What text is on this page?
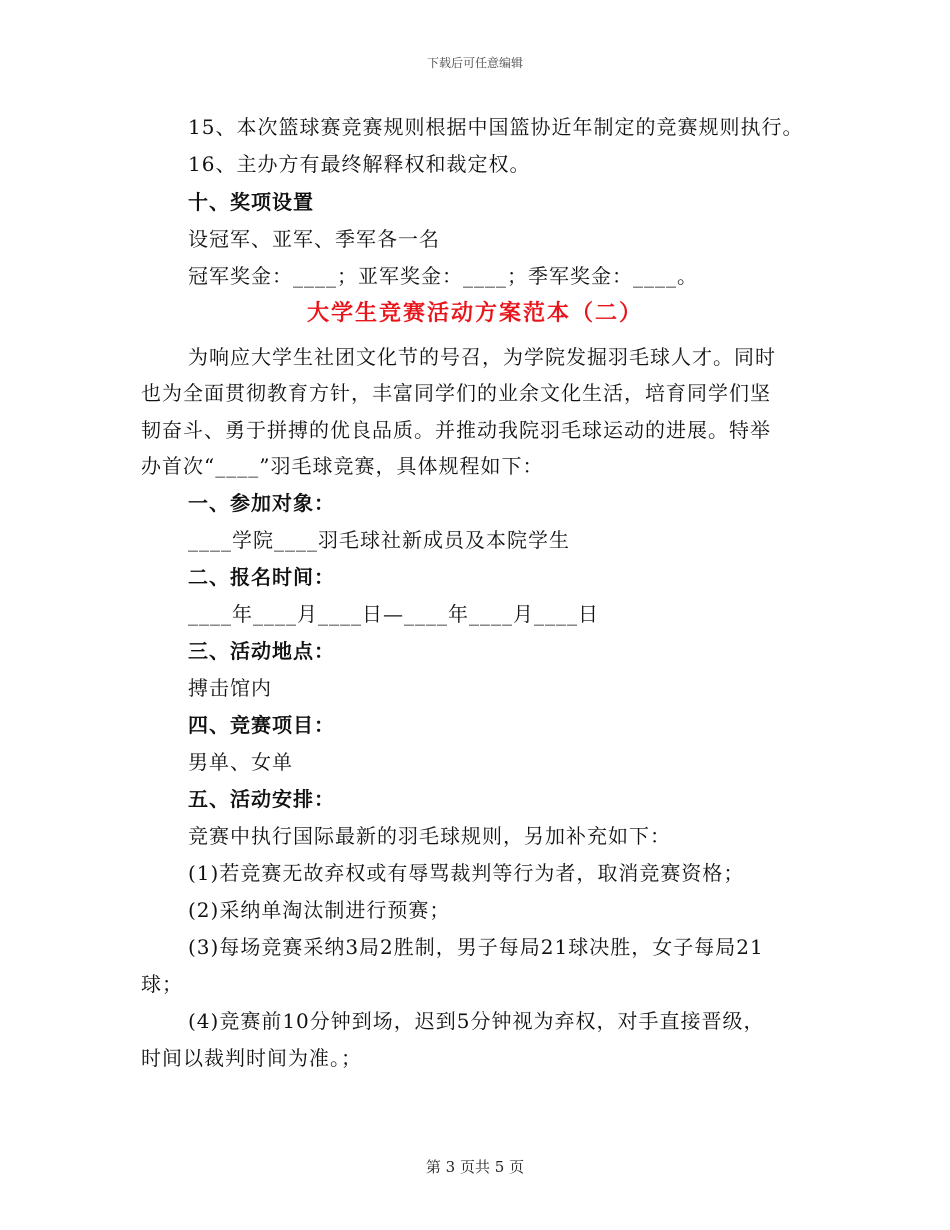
下载后可任意编辑
15、本次篮球赛竞赛规则根据中国篮协近年制定的竞赛规则执行。
16、主办方有最终解释权和裁定权。
十、奖项设置
设冠军、亚军、季军各一名
冠军奖金：____；亚军奖金：____；季军奖金：____。
大学生竞赛活动方案范本（二）
为响应大学生社团文化节的号召，为学院发掘羽毛球人才。同时
也为全面贯彻教育方针，丰富同学们的业余文化生活，培育同学们坚
韧奋斗、勇于拼搏的优良品质。并推动我院羽毛球运动的进展。特举
办首次“____”羽毛球竞赛，具体规程如下：
一、参加对象：
____学院____羽毛球社新成员及本院学生
二、报名时间：
____年____月____日—____年____月____日
三、活动地点：
搏击馆内
四、竞赛项目：
男单、女单
五、活动安排：
竞赛中执行国际最新的羽毛球规则，另加补充如下：
(1)若竞赛无故弃权或有辱骂裁判等行为者，取消竞赛资格；
(2)采纳单淘汰制进行预赛；
(3)每场竞赛采纳3局2胜制，男子每局21球决胜，女子每局21
球；
(4)竞赛前10分钟到场，迟到5分钟视为弃权，对手直接晋级，
时间以裁判时间为准。；
第 3 页共 5 页
